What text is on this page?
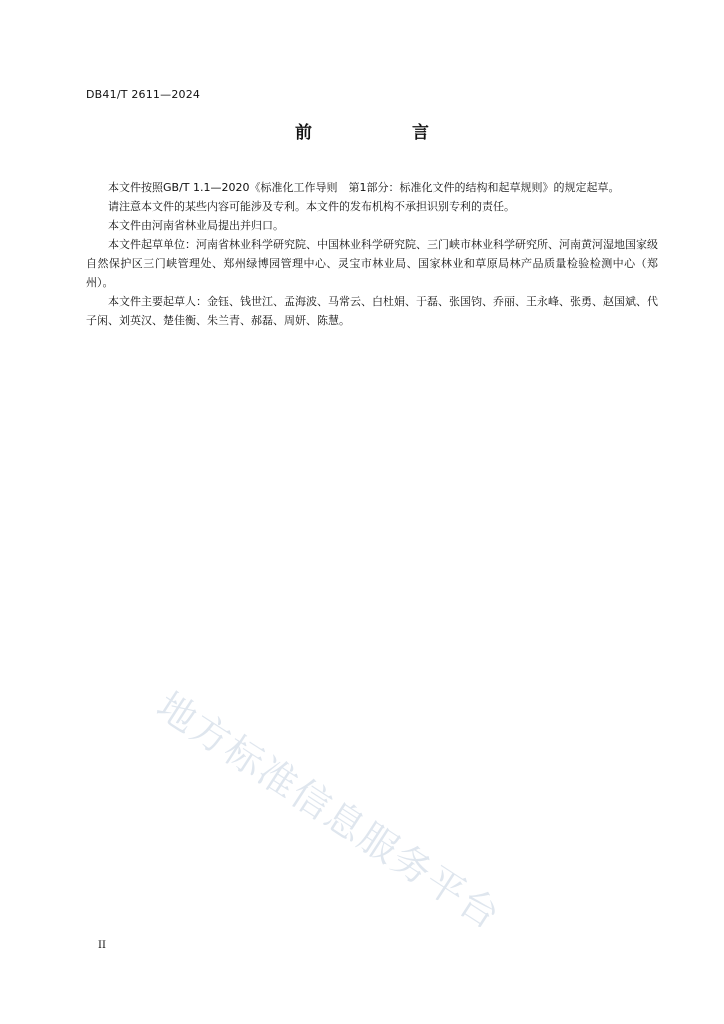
DB41/T 2611—2024
前　　言

本文件按照GB/T 1.1—2020《标准化工作导则　第1部分：标准化文件的结构和起草规则》的规定起草。

请注意本文件的某些内容可能涉及专利。本文件的发布机构不承担识别专利的责任。

本文件由河南省林业局提出并归口。

本文件起草单位：河南省林业科学研究院、中国林业科学研究院、三门峡市林业科学研究所、河南黄河湿地国家级自然保护区三门峡管理处、郑州绿博园管理中心、灵宝市林业局、国家林业和草原局林产品质量检验检测中心（郑州）。

本文件主要起草人：金钰、钱世江、孟海波、马常云、白杜娟、于磊、张国钧、乔丽、王永峰、张勇、赵国斌、代子闲、刘英汉、楚佳衡、朱兰青、郝磊、周妍、陈慧。

地方标准信息服务平台
II
